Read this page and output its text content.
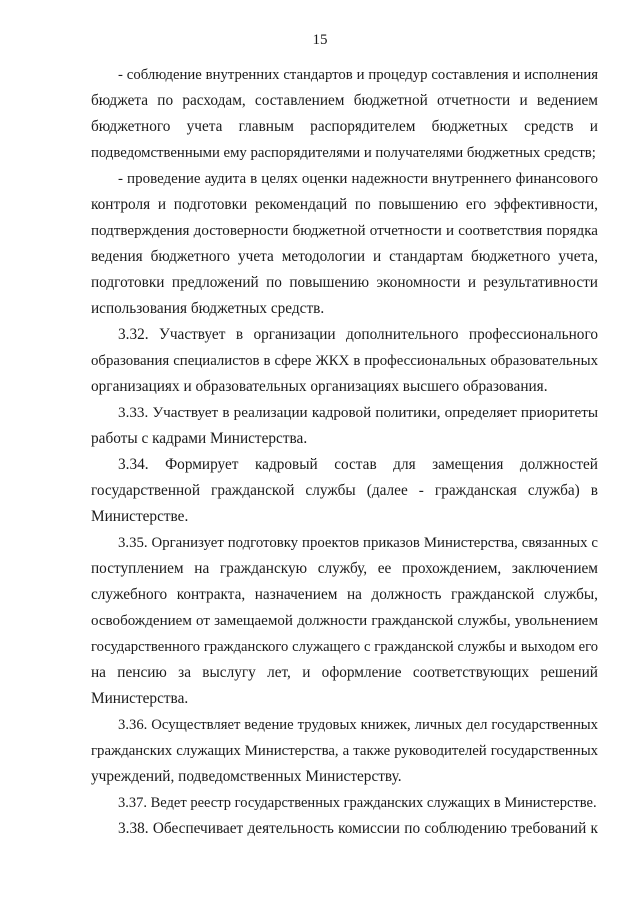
15
- соблюдение внутренних стандартов и процедур составления и исполнения
бюджета по расходам, составлением бюджетной отчетности и ведением
бюджетного учета главным распорядителем бюджетных средств и
подведомственными ему распорядителями и получателями бюджетных средств;
- проведение аудита в целях оценки надежности внутреннего финансового
контроля и подготовки рекомендаций по повышению его эффективности,
подтверждения достоверности бюджетной отчетности и соответствия порядка
ведения бюджетного учета методологии и стандартам бюджетного учета,
подготовки предложений по повышению экономности и результативности
использования бюджетных средств.
3.32. Участвует в организации дополнительного профессионального
образования специалистов в сфере ЖКХ в профессиональных образовательных
организациях и образовательных организациях высшего образования.
3.33. Участвует в реализации кадровой политики, определяет приоритеты
работы с кадрами Министерства.
3.34. Формирует кадровый состав для замещения должностей
государственной гражданской службы (далее - гражданская служба) в
Министерстве.
3.35. Организует подготовку проектов приказов Министерства, связанных с
поступлением на гражданскую службу, ее прохождением, заключением
служебного контракта, назначением на должность гражданской службы,
освобождением от замещаемой должности гражданской службы, увольнением
государственного гражданского служащего с гражданской службы и выходом его
на пенсию за выслугу лет, и оформление соответствующих решений
Министерства.
3.36. Осуществляет ведение трудовых книжек, личных дел государственных
гражданских служащих Министерства, а также руководителей государственных
учреждений, подведомственных Министерству.
3.37. Ведет реестр государственных гражданских служащих в Министерстве.
3.38. Обеспечивает деятельность комиссии по соблюдению требований к
